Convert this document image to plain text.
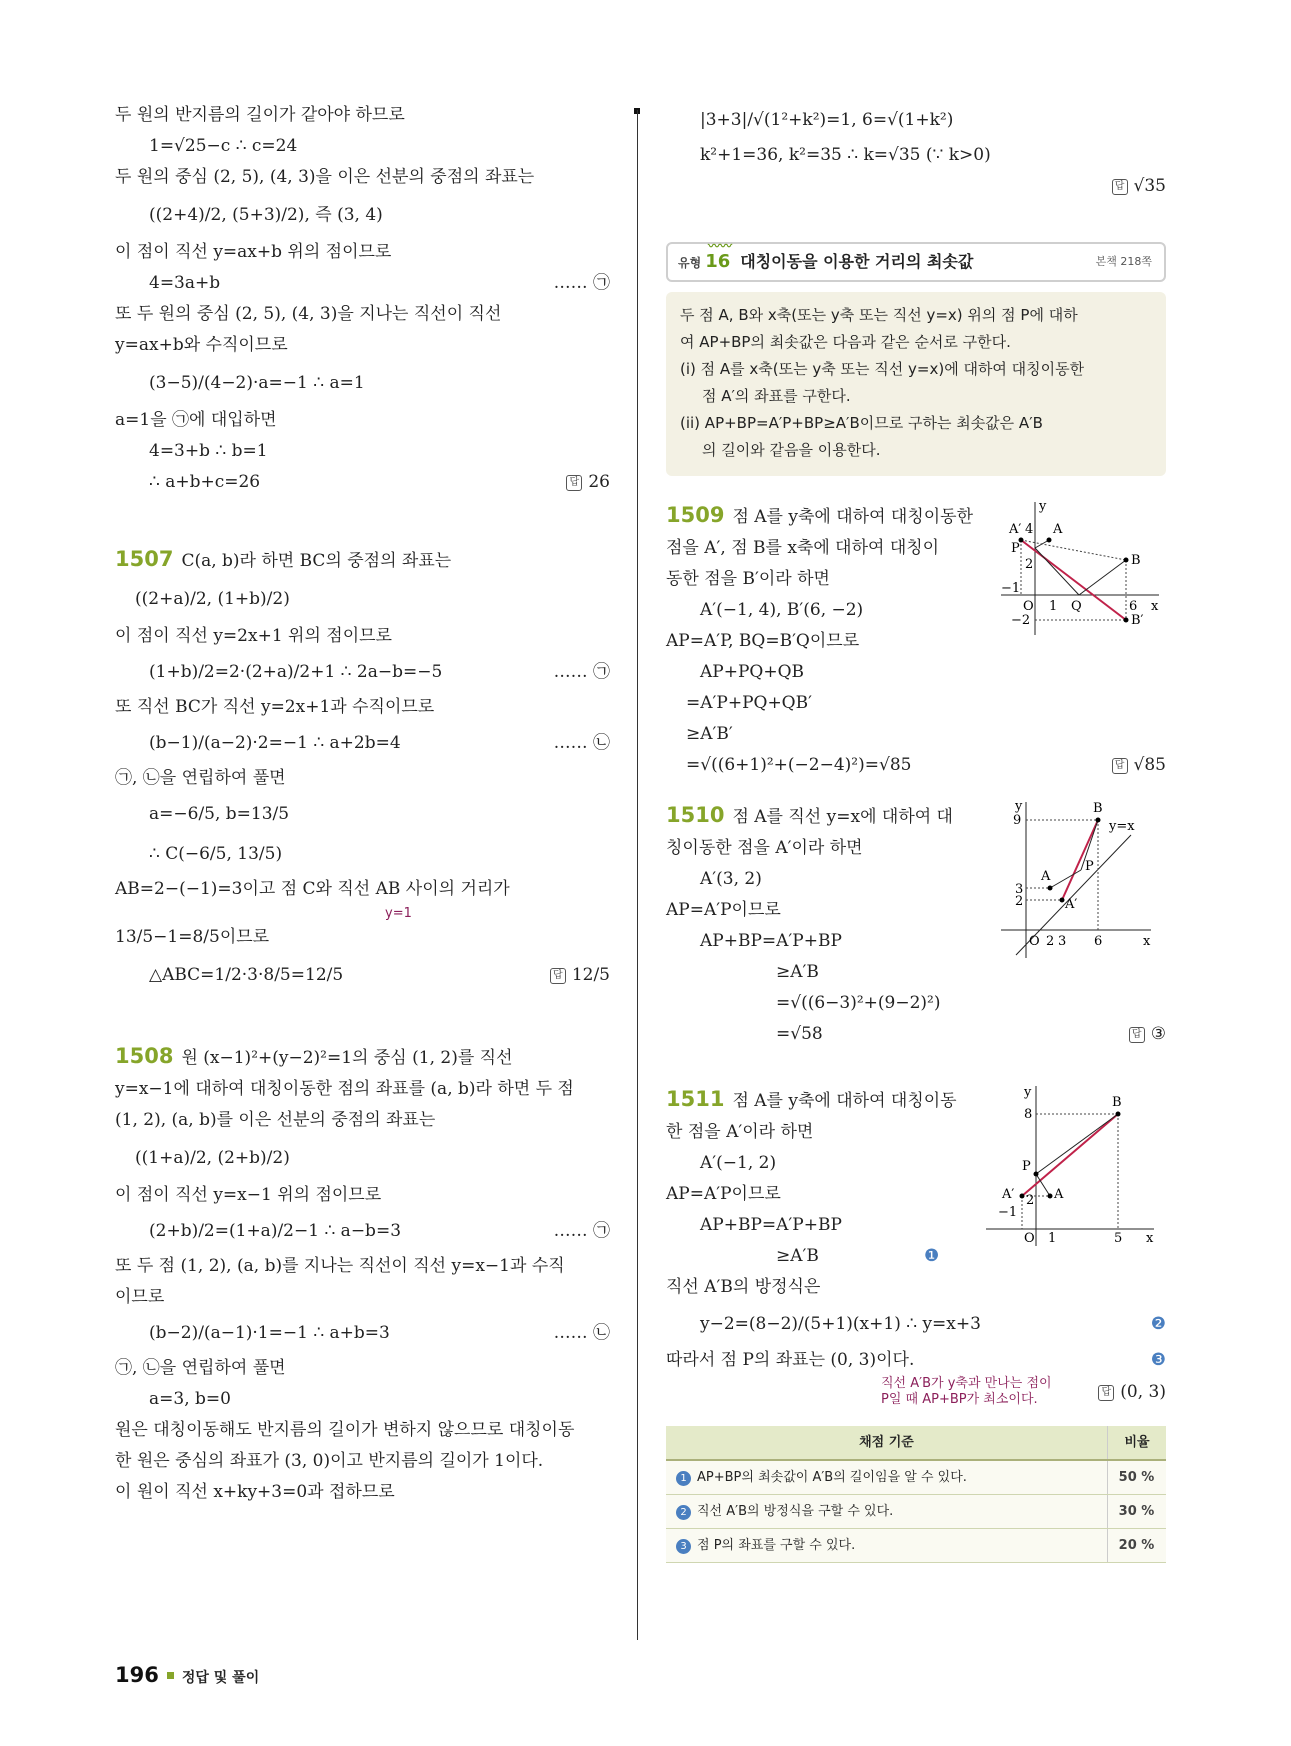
두 원의 반지름의 길이가 같아야 하므로
1=√25−c ∴ c=24
두 원의 중심 (2, 5), (4, 3)을 이은 선분의 중점의 좌표는
((2+4)/2, (5+3)/2), 즉 (3, 4)
이 점이 직선 y=ax+b 위의 점이므로
4=3a+b	…… ㉠
또 두 원의 중심 (2, 5), (4, 3)을 지나는 직선이 직선
y=ax+b와 수직이므로
(3−5)/(4−2)·a=−1 ∴ a=1
a=1을 ㉠에 대입하면
4=3+b ∴ b=1
∴ a+b+c=26	답 26
1507 C(a, b)라 하면 BC의 중점의 좌표는
((2+a)/2, (1+b)/2)
이 점이 직선 y=2x+1 위의 점이므로
(1+b)/2=2·(2+a)/2+1 ∴ 2a−b=−5	…… ㉠
또 직선 BC가 직선 y=2x+1과 수직이므로
(b−1)/(a−2)·2=−1 ∴ a+2b=4	…… ㉡
㉠, ㉡을 연립하여 풀면
a=−6/5, b=13/5
∴ C(−6/5, 13/5)
AB=2−(−1)=3이고 점 C와 직선 AB 사이의 거리가
y=1
13/5−1=8/5이므로
△ABC=1/2·3·8/5=12/5	답 12/5
1508 원 (x−1)²+(y−2)²=1의 중심 (1, 2)를 직선
y=x−1에 대하여 대칭이동한 점의 좌표를 (a, b)라 하면 두 점
(1, 2), (a, b)를 이은 선분의 중점의 좌표는
((1+a)/2, (2+b)/2)
이 점이 직선 y=x−1 위의 점이므로
(2+b)/2=(1+a)/2−1 ∴ a−b=3	…… ㉠
또 두 점 (1, 2), (a, b)를 지나는 직선이 직선 y=x−1과 수직
이므로
(b−2)/(a−1)·1=−1 ∴ a+b=3	…… ㉡
㉠, ㉡을 연립하여 풀면
a=3, b=0
원은 대칭이동해도 반지름의 길이가 변하지 않으므로 대칭이동
한 원은 중심의 좌표가 (3, 0)이고 반지름의 길이가 1이다.
이 원이 직선 x+ky+3=0과 접하므로
|3+3|/√(1²+k²)=1, 6=√(1+k²)
k²+1=36, k²=35 ∴ k=√35 (∵ k>0)

답 √35
〰〰
유형 16 대칭이동을 이용한 거리의 최솟값	본책 218쪽
두 점 A, B와 x축(또는 y축 또는 직선 y=x) 위의 점 P에 대하
여 AP+BP의 최솟값은 다음과 같은 순서로 구한다.
(i) 점 A를 x축(또는 y축 또는 직선 y=x)에 대하여 대칭이동한
점 A′의 좌표를 구한다.
(ii) AP+BP=A′P+BP≥A′B이므로 구하는 최솟값은 A′B
의 길이와 같음을 이용한다.
1509 점 A를 y축에 대하여 대칭이동한
점을 A′, 점 B를 x축에 대하여 대칭이
동한 점을 B′이라 하면
A′(−1, 4), B′(6, −2)
AP=A′P, BQ=B′Q이므로
AP+PQ+QB
=A′P+PQ+QB′
≥A′B′
=√((6+1)²+(−2−4)²)=√85	답 √85
y
A′ 4 A
P
2	B
−1
O 1 Q	6 x
−2	B′
1510 점 A를 직선 y=x에 대하여 대
칭이동한 점을 A′이라 하면
A′(3, 2)
AP=A′P이므로
AP+BP=A′P+BP
≥A′B
=√((6−3)²+(9−2)²)
=√58	답 ③
y
9
B
y=x
P
A
3
2	A′
O 2 3 6	x
1511 점 A를 y축에 대하여 대칭이동
한 점을 A′이라 하면
A′(−1, 2)
AP=A′P이므로
AP+BP=A′P+BP
≥A′B	❶
직선 A′B의 방정식은
y−2=(8−2)/(5+1)(x+1) ∴ y=x+3	❷
따라서 점 P의 좌표는 (0, 3)이다.	❸
직선 A′B가 y축과 만나는 점이
P일 때 AP+BP가 최소이다.	답 (0, 3)
y
8
B
P
A′ 2 A
−1
O 1	5 x
채점 기준	비율
1 AP+BP의 최솟값이 A′B의 길이임을 알 수 있다.	50 %
2 직선 A′B의 방정식을 구할 수 있다.	30 %
3 점 P의 좌표를 구할 수 있다.	20 %
196 정답 및 풀이
